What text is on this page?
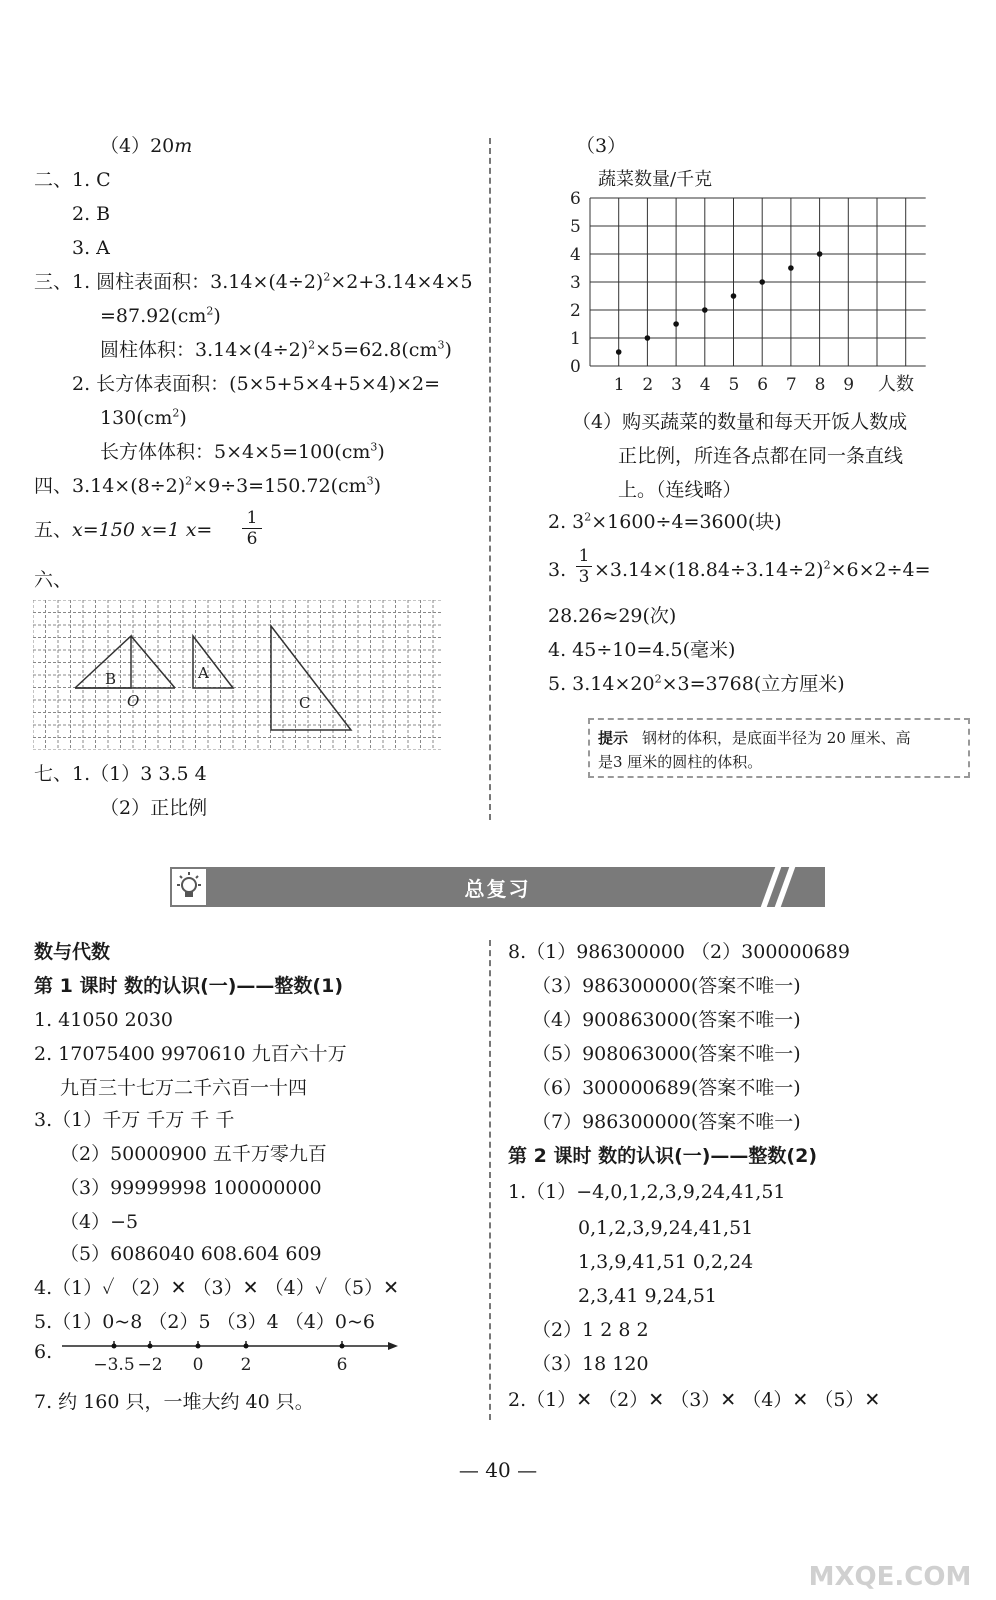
（4）20m
二、1. C
2. B
3. A
三、1. 圆柱表面积：$3.14\times(4\div 2)^2\times 2+3.14\times 4\times 5$
$=87.92(cm^2)$
圆柱体积：$3.14\times(4\div 2)^2\times 5=62.8(cm^3)$
2. 长方体表面积：(5×5+5×4+5×4)×2=
$130(cm^2)$
长方体体积：$5\times 4\times 5=100(cm^3)$
四、$3.14\times(8\div 2)^2\times 9\div 3=150.72(cm^3)$
五、x=150 x=1 $x= \frac{1}{6}$
六、
B
O
A
C
七、1.（1）3 3.5 4
（2）正比例
（3）
蔬菜数量/千克
0
1
2
3
4
5
6
1 2 3 4 5 6 7 8 9 人数
（4）购买蔬菜的数量和每天开饭人数成
正比例，所连各点都在同一条直线
上。（连线略）
2. $3^2\times 1600\div 4=3600$(块)
3. $\frac{1}{3} \times 3.14\times(18.84\div 3.14\div 2)^2\times 6\times 2\div 4=$
28.26≈29(次)
4. 45÷10=4.5(毫米)
5. $3.14\times 20^2\times 3=3768$(立方厘米)
提示 钢材的体积，是底面半径为 20 厘米、高
是3 厘米的圆柱的体积。
总复习
数与代数
第 1 课时 数的认识(一)——整数(1)
1. 41050 2030
2. 17075400 9970610 九百六十万
九百三十七万二千六百一十四
3.（1）千万 千万 千 千
（2）50000900 五千万零九百
（3）99999998 100000000
（4）−5
（5）6086040 608.604 609
4.（1）✓ （2）✕ （3）✕ （4）✓ （5）✕
5.（1）0~8 （2）5 （3）4 （4）0~6
6.
−3.5 −2 0 2	6
7. 约 160 只，一堆大约 40 只。
8.（1）986300000 （2）300000689
（3）986300000(答案不唯一)
（4）900863000(答案不唯一)
（5）908063000(答案不唯一)
（6）300000689(答案不唯一)
（7）986300000(答案不唯一)
第 2 课时 数的认识(一)——整数(2)
1.（1）−4,0,1,2,3,9,24,41,51
0,1,2,3,9,24,41,51
1,3,9,41,51 0,2,24
2,3,41 9,24,51
（2）1 2 8 2
（3）18 120
2.（1）✕ （2）✕ （3）✕ （4）✕ （5）✕
— 40 —
MXQE.COM
